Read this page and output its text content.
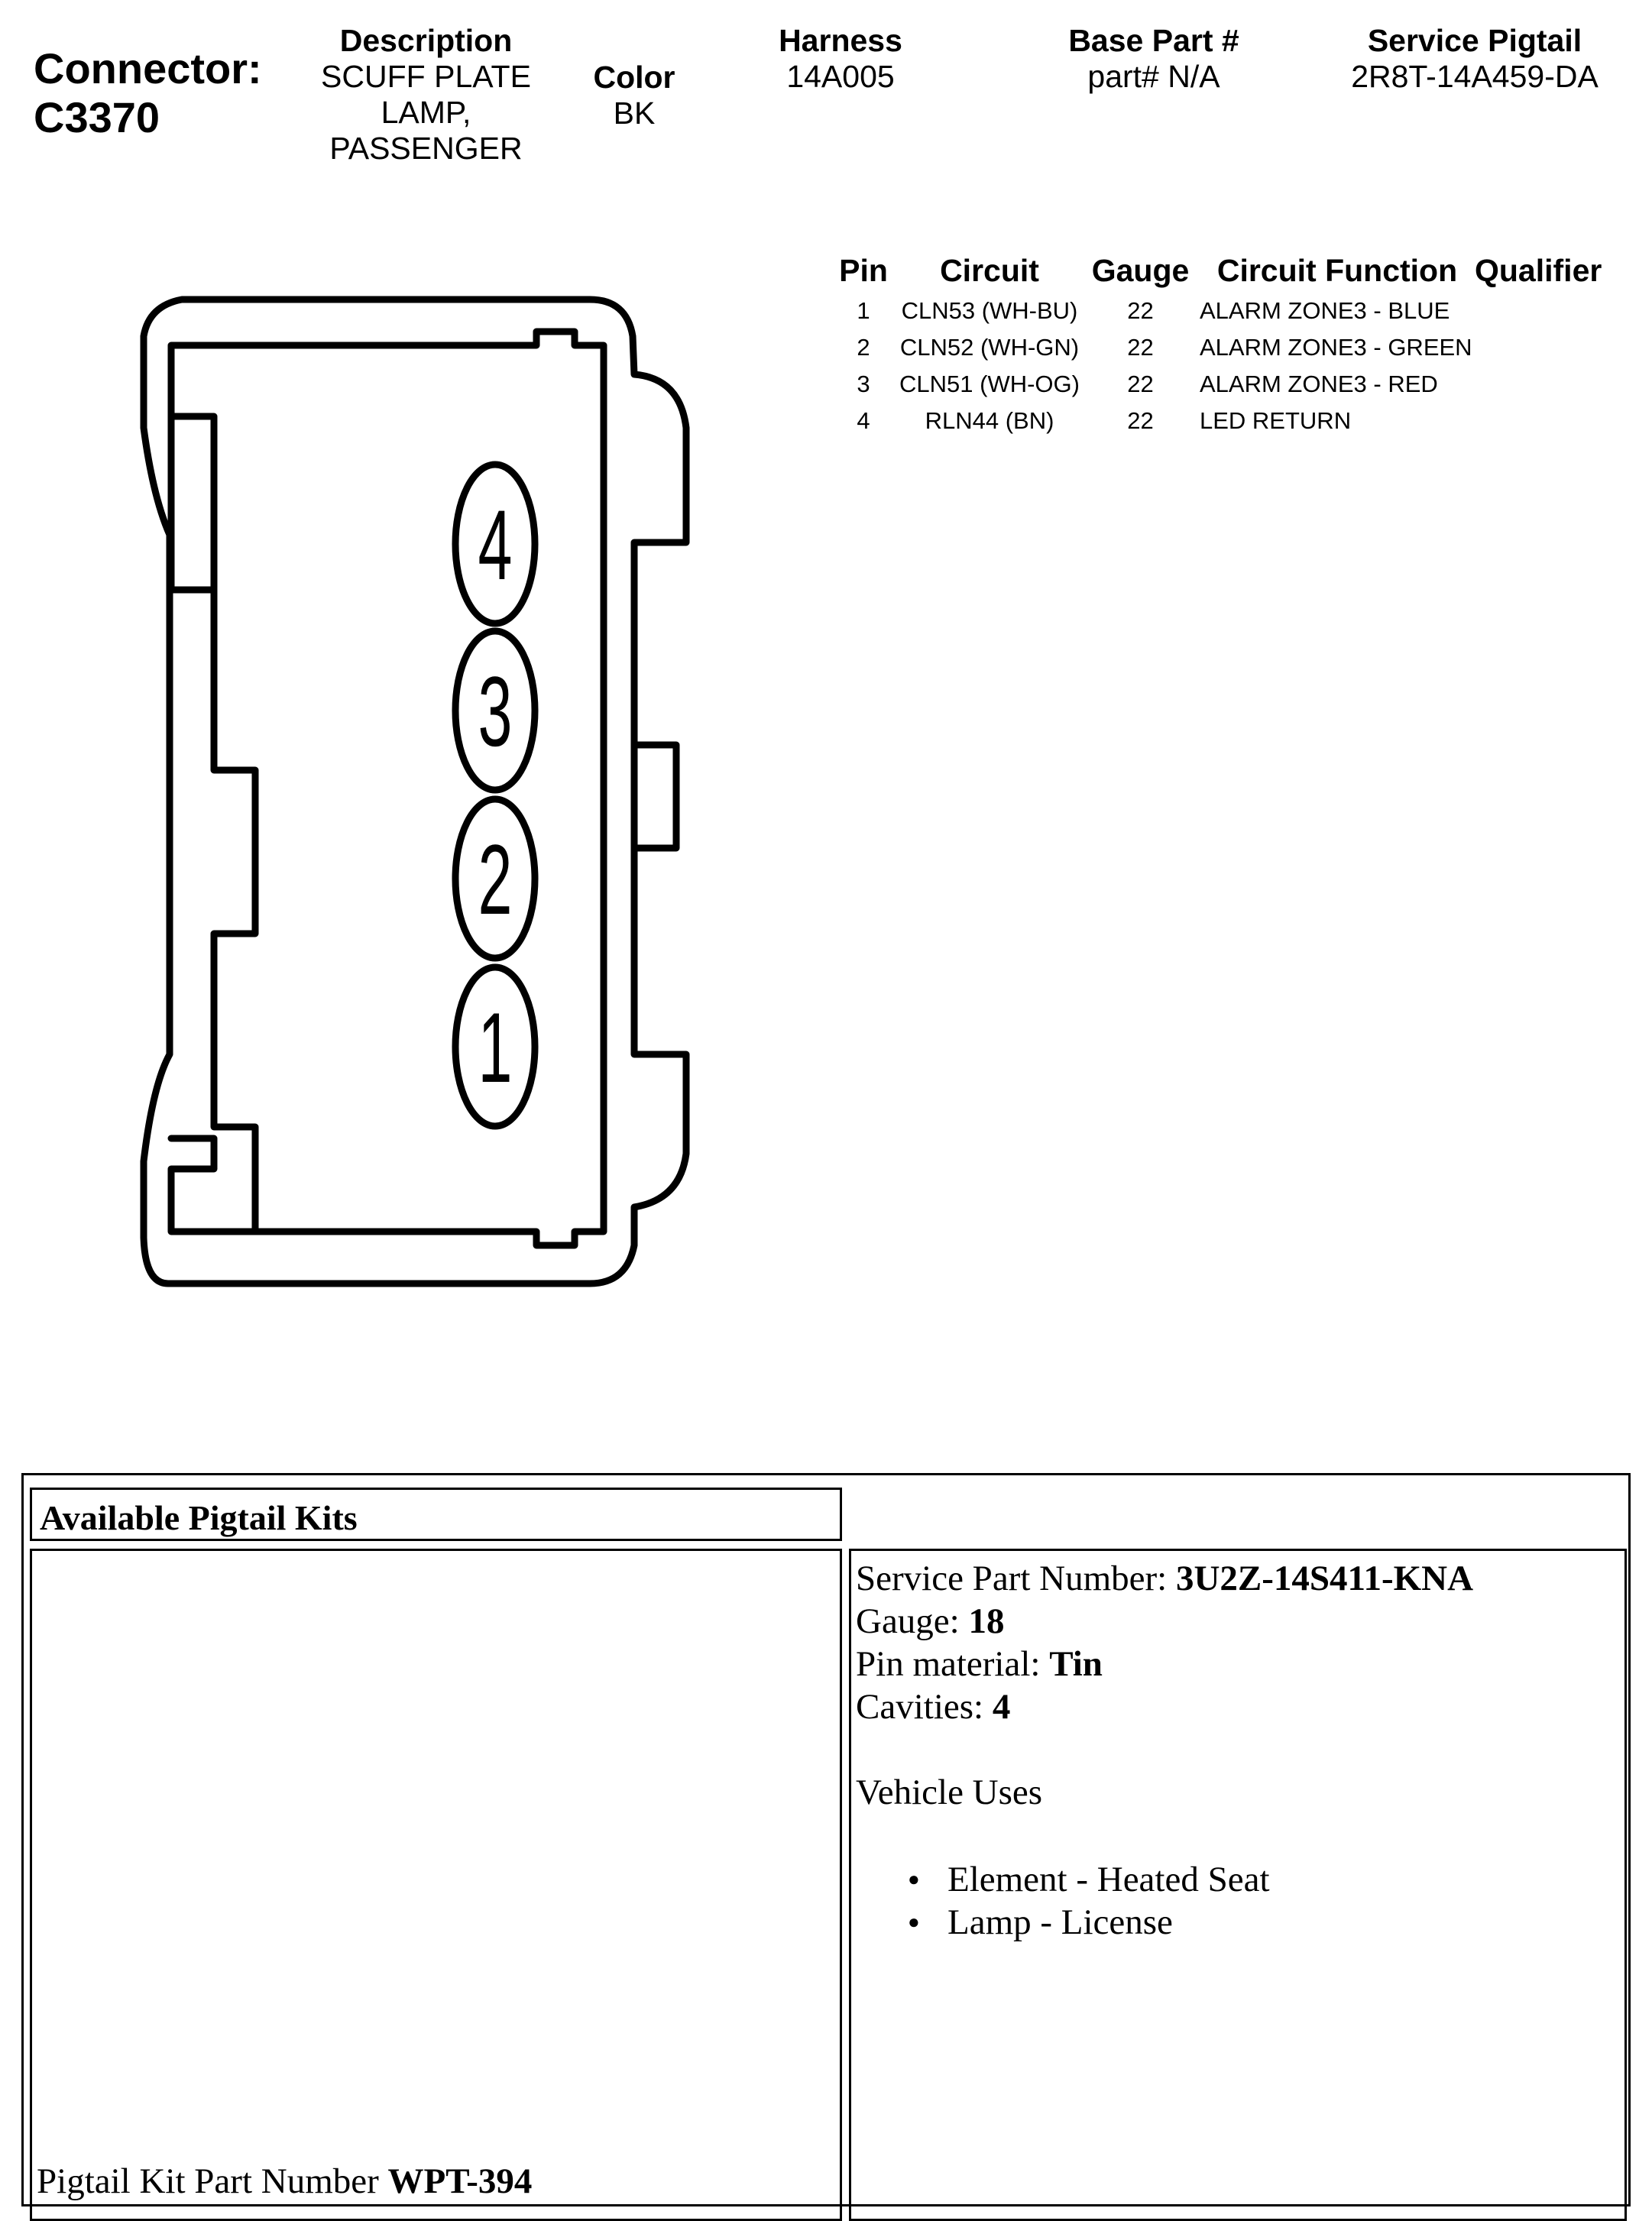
Connector:
C3370
Description
SCUFF PLATE
LAMP,
PASSENGER
Color
BK
Harness
14A005
Base Part #
part# N/A
Service Pigtail
2R8T-14A459-DA
Pin	Circuit	Gauge	Circuit Function	Qualifier
1	CLN53 (WH-BU)	22	ALARM ZONE3 - BLUE	
2	CLN52 (WH-GN)	22	ALARM ZONE3 - GREEN	
3	CLN51 (WH-OG)	22	ALARM ZONE3 - RED	
4	RLN44 (BN)	22	LED RETURN	
4
3
2
1
Available Pigtail Kits
Pigtail Kit Part Number WPT-394
Service Part Number: 3U2Z-14S411-KNA
Gauge: 18
Pin material: Tin
Cavities: 4
Vehicle Uses
● Element - Heated Seat
● Lamp - License
